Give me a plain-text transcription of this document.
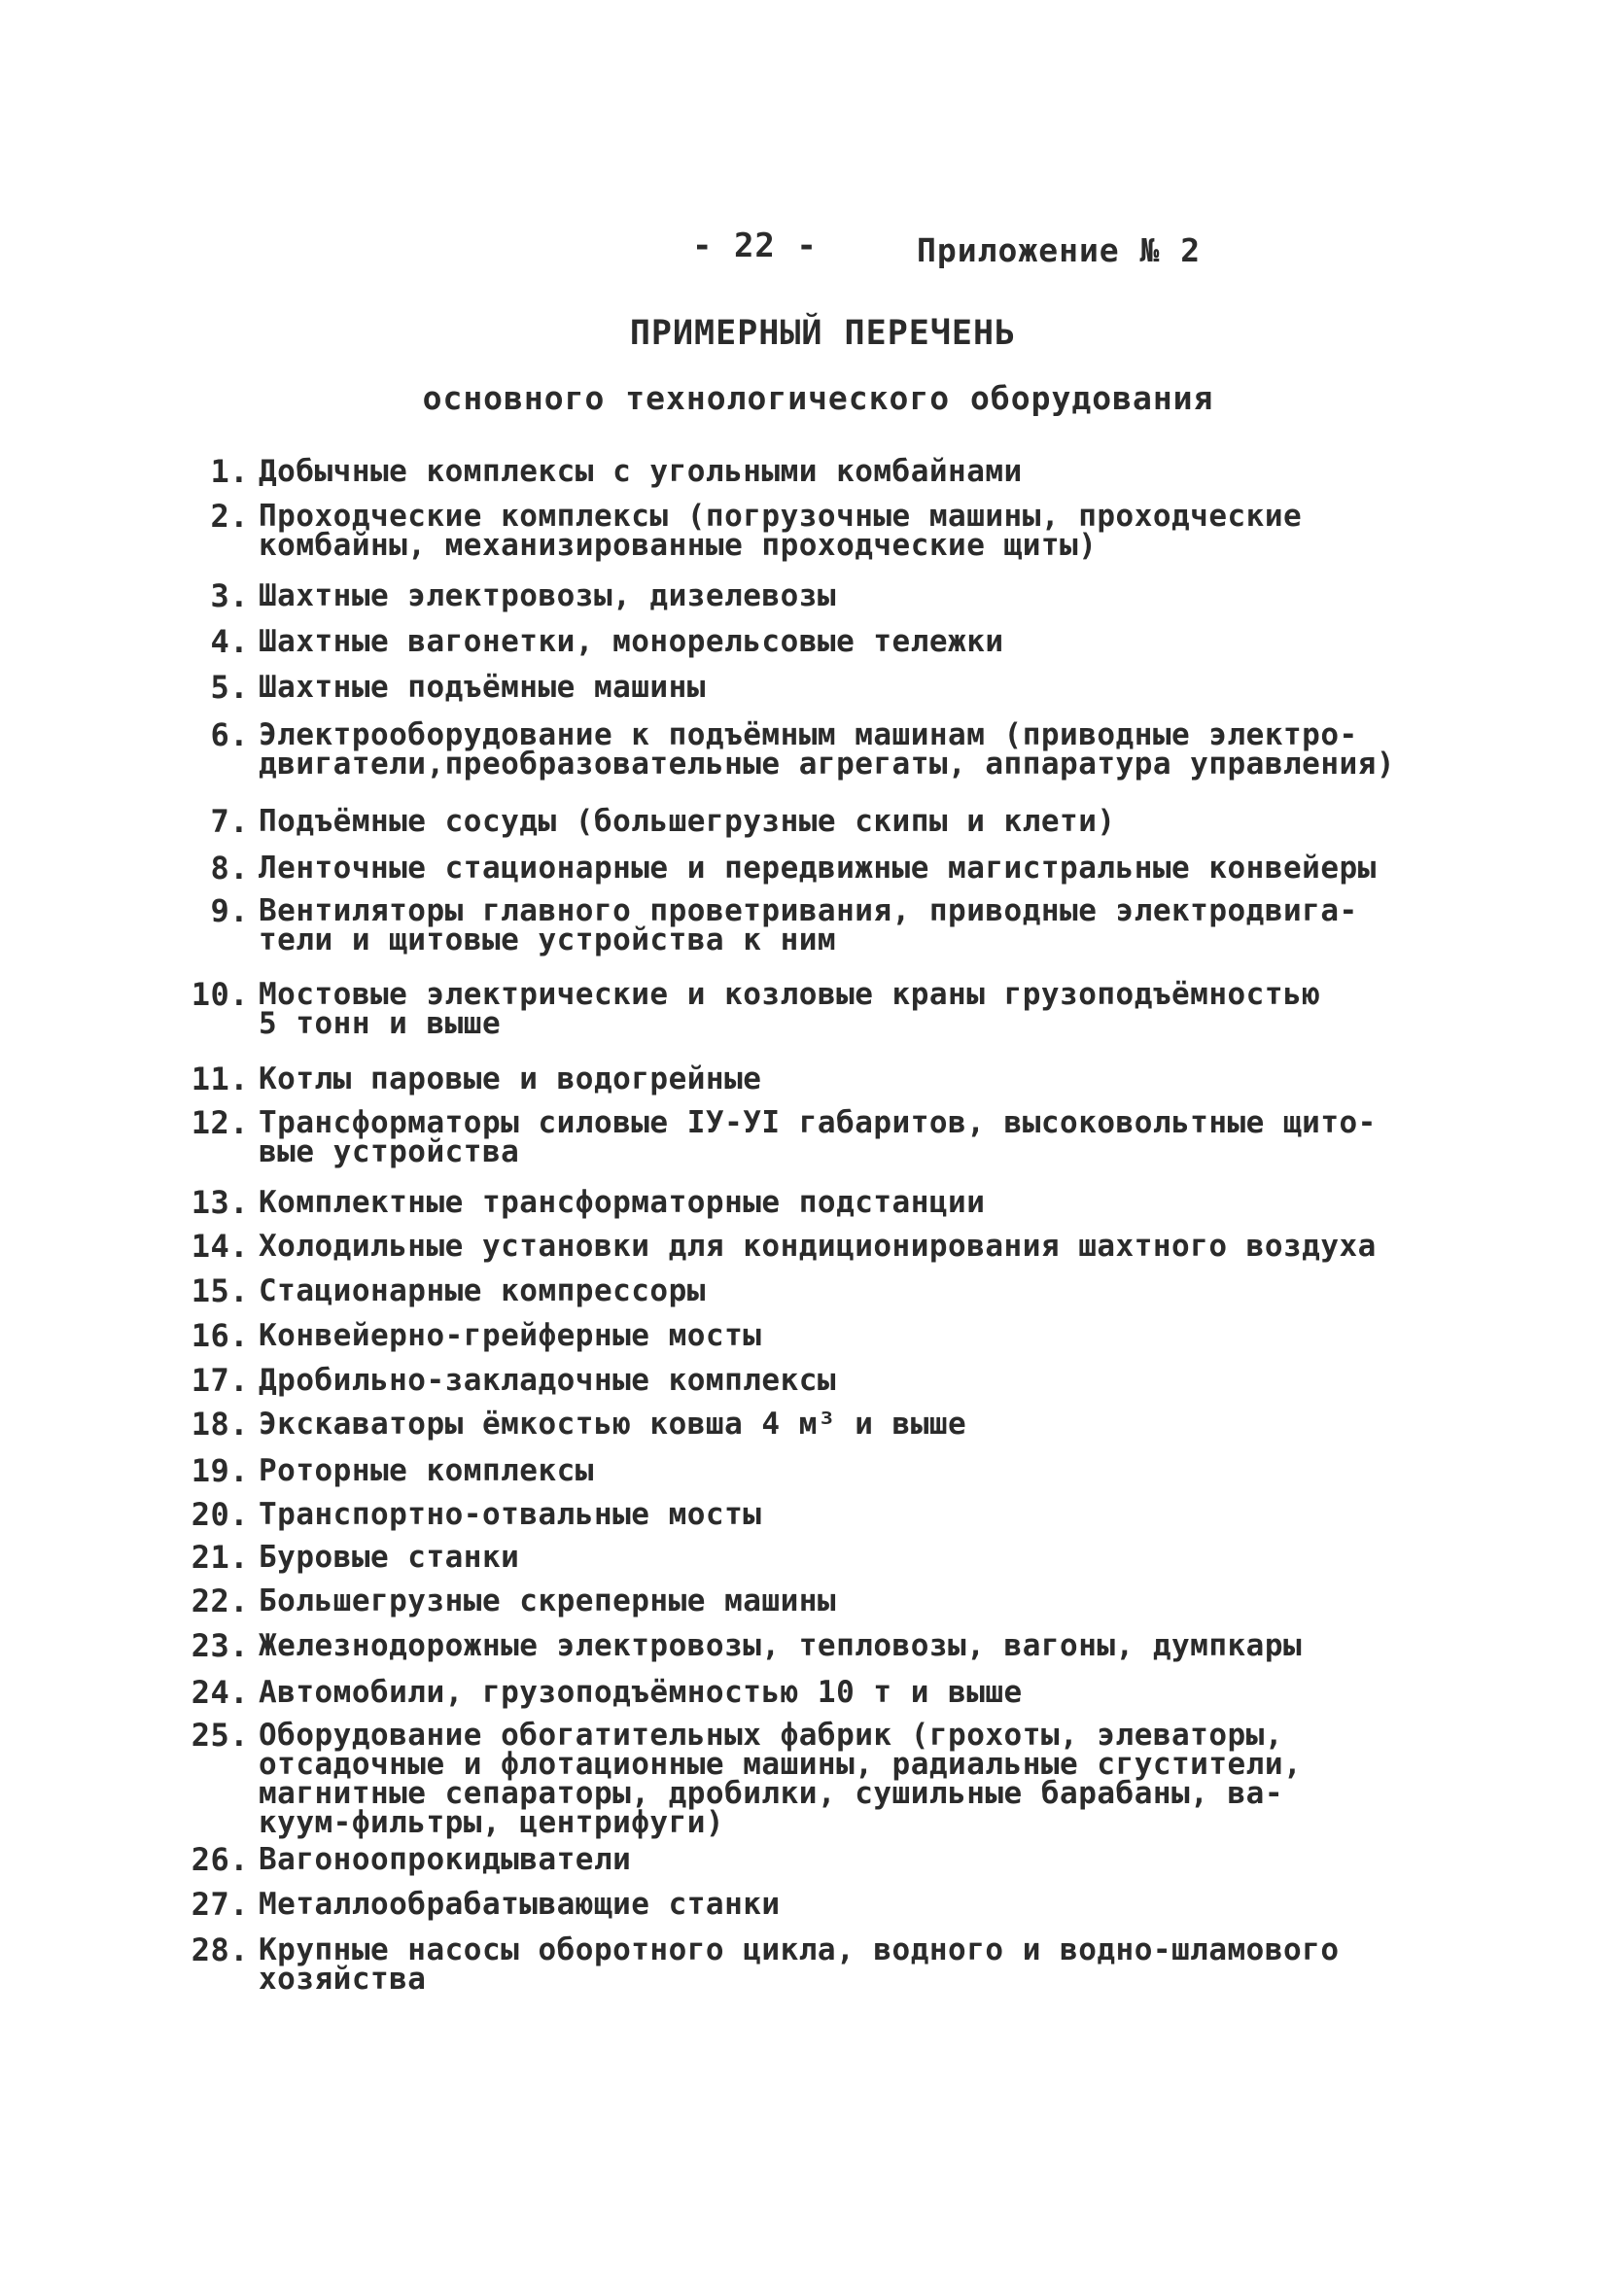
- 22 -	Приложение № 2
ПРИМЕРНЫЙ ПЕРЕЧЕНЬ
основного технологического оборудования
1. Добычные комплексы с угольными комбайнами
2. Проходческие комплексы (погрузочные машины, проходческие
комбайны, механизированные проходческие щиты)
3. Шахтные электровозы, дизелевозы
4. Шахтные вагонетки, монорельсовые тележки
5. Шахтные подъёмные машины
6. Электрооборудование к подъёмным машинам (приводные электро-
двигатели,преобразовательные агрегаты, аппаратура управления)
7. Подъёмные сосуды (большегрузные скипы и клети)
8. Ленточные стационарные и передвижные магистральные конвейеры
9. Вентиляторы главного проветривания, приводные электродвига-
тели и щитовые устройства к ним
10. Мостовые электрические и козловые краны грузоподъёмностью
5 тонн и выше
11. Котлы паровые и водогрейные
12. Трансформаторы силовые IУ-УI габаритов, высоковольтные щито-
вые устройства
13. Комплектные трансформаторные подстанции
14. Холодильные установки для кондиционирования шахтного воздуха
15. Стационарные компрессоры
16. Конвейерно-грейферные мосты
17. Дробильно-закладочные комплексы
18. Экскаваторы ёмкостью ковша 4 м³ и выше
19. Роторные комплексы
20. Транспортно-отвальные мосты
21. Буровые станки
22. Большегрузные скреперные машины
23. Железнодорожные электровозы, тепловозы, вагоны, думпкары
24. Автомобили, грузоподъёмностью 10 т и выше
25. Оборудование обогатительных фабрик (грохоты, элеваторы,
отсадочные и флотационные машины, радиальные сгустители,
магнитные сепараторы, дробилки, сушильные барабаны, ва-
куум-фильтры, центрифуги)
26. Вагоноопрокидыватели
27. Металлообрабатывающие станки
28. Крупные насосы оборотного цикла, водного и водно-шламового
хозяйства
